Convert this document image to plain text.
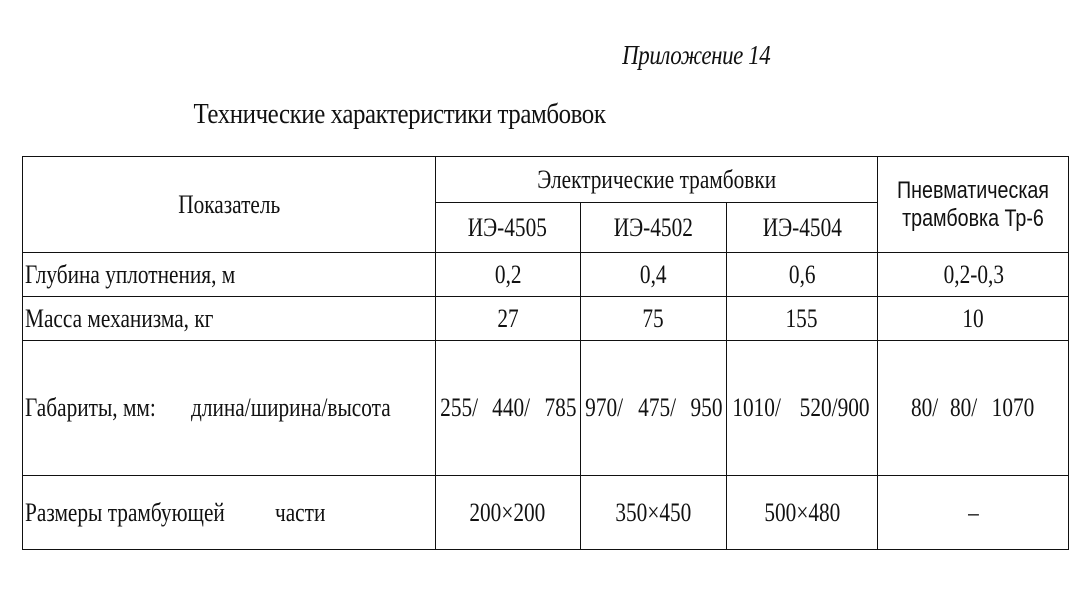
Приложение 14
Технические характеристики трамбовок
Показатель	Электрические трамбовки			Пневматическая трамбовка Тр-6
	ИЭ-4505	ИЭ-4502	ИЭ-4504	
Глубина уплотнения, м	0,2	0,4	0,6	0,2-0,3
Масса механизма, кг	27	75	155	10
Габариты, мм: длина/ширина/высота	255/ 440/ 785	970/ 475/ 950	1010/ 520/900	80/ 80/ 1070
Размеры трамбующей части	200×200	350×450	500×480	–
